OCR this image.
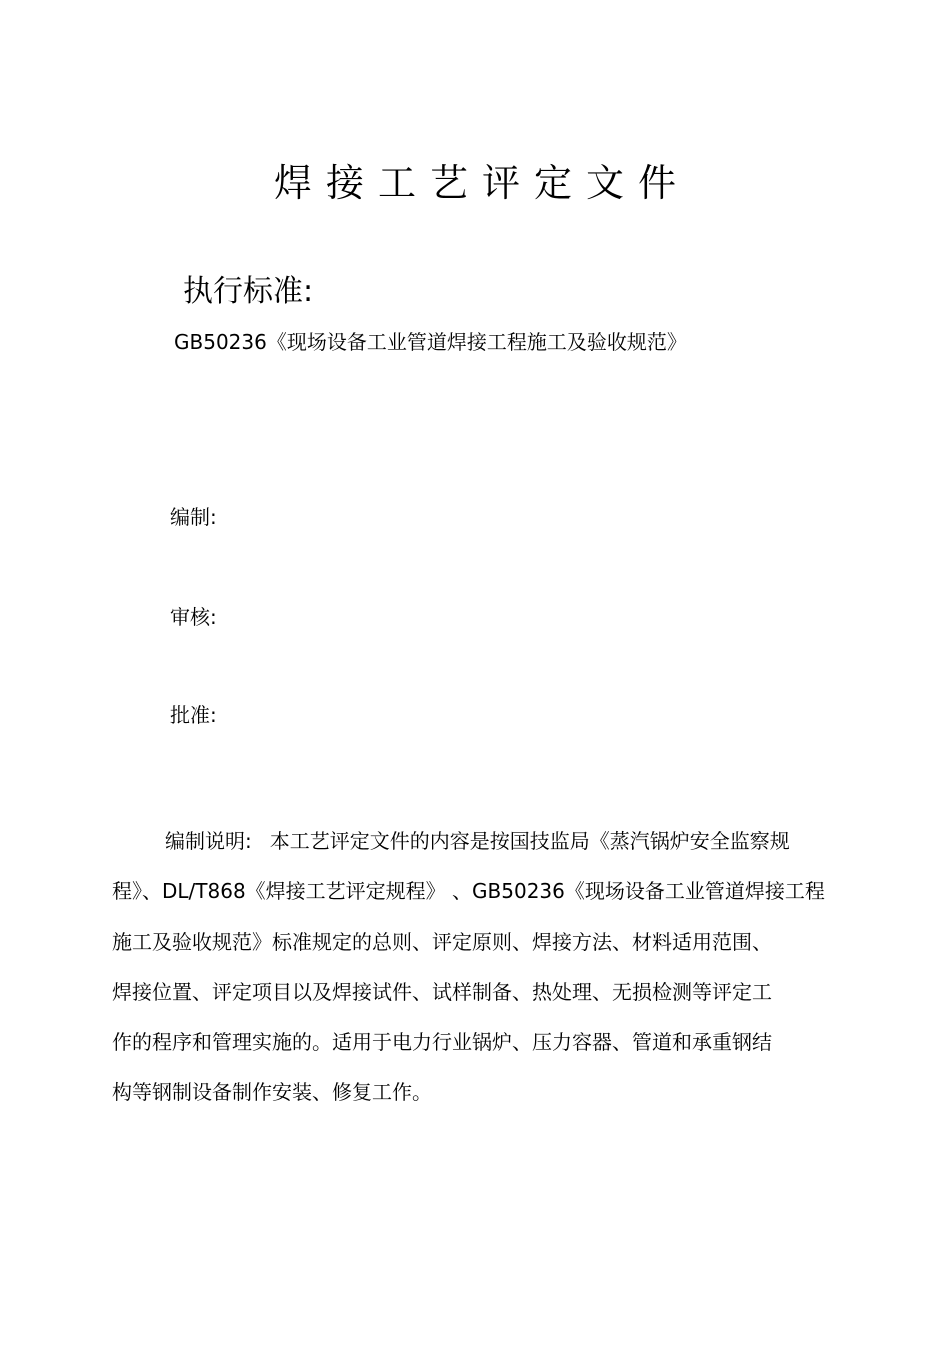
焊接工艺评定文件
执行标准:
GB50236《现场设备工业管道焊接工程施工及验收规范》
编制:
审核:
批准:
编制说明: 本工艺评定文件的内容是按国技监局《蒸汽锅炉安全监察规
程》、DL/T868《焊接工艺评定规程》 、GB50236《现场设备工业管道焊接工程
施工及验收规范》标准规定的总则、评定原则、焊接方法、材料适用范围、
焊接位置、评定项目以及焊接试件、试样制备、热处理、无损检测等评定工
作的程序和管理实施的。适用于电力行业锅炉、压力容器、管道和承重钢结
构等钢制设备制作安装、修复工作。
